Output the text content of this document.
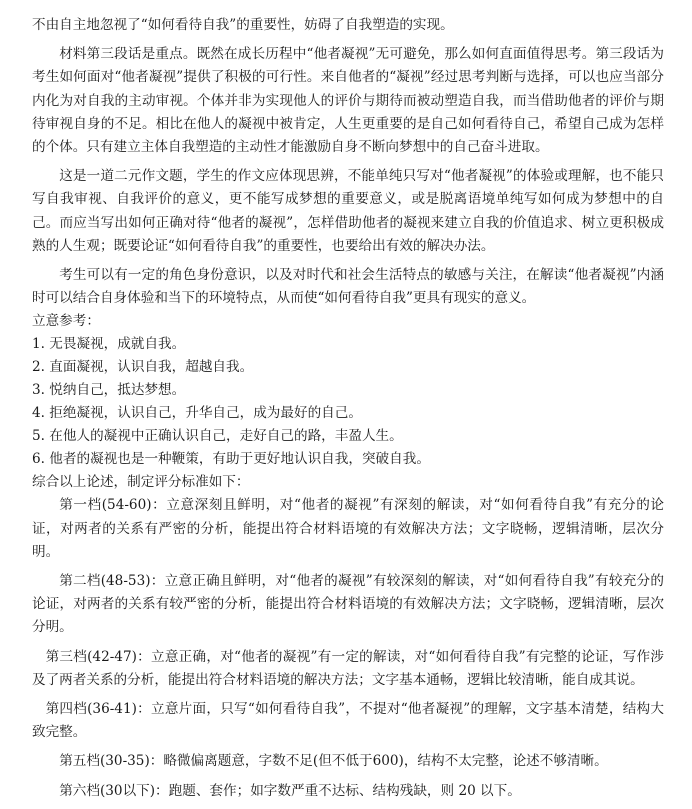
不由自主地忽视了“如何看待自我”的重要性，妨碍了自我塑造的实现。

材料第三段话是重点。既然在成长历程中“他者凝视”无可避免，那么如何直面值得思考。第三段话为考生如何面对“他者凝视”提供了积极的可行性。来自他者的“凝视”经过思考判断与选择，可以也应当部分内化为对自我的主动审视。个体并非为实现他人的评价与期待而被动塑造自我，而当借助他者的评价与期待审视自身的不足。相比在他人的凝视中被肯定，人生更重要的是自己如何看待自己，希望自己成为怎样的个体。只有建立主体自我塑造的主动性才能激励自身不断向梦想中的自己奋斗进取。

这是一道二元作文题，学生的作文应体现思辨，不能单纯只写对“他者凝视”的体验或理解，也不能只写自我审视、自我评价的意义，更不能写成梦想的重要意义，或是脱离语境单纯写如何成为梦想中的自己。而应当写出如何正确对待“他者的凝视”，怎样借助他者的凝视来建立自我的价值追求、树立更积极成熟的人生观；既要论证“如何看待自我”的重要性，也要给出有效的解决办法。

考生可以有一定的角色身份意识，以及对时代和社会生活特点的敏感与关注，在解读“他者凝视”内涵时可以结合自身体验和当下的环境特点，从而使“如何看待自我”更具有现实的意义。

立意参考：

1. 无畏凝视，成就自我。

2. 直面凝视，认识自我，超越自我。

3. 悦纳自己，抵达梦想。

4. 拒绝凝视，认识自己，升华自己，成为最好的自己。

5. 在他人的凝视中正确认识自己，走好自己的路，丰盈人生。

6. 他者的凝视也是一种鞭策，有助于更好地认识自我，突破自我。

综合以上论述，制定评分标准如下：

第一档(54-60)：立意深刻且鲜明，对“他者的凝视”有深刻的解读，对“如何看待自我”有充分的论证，对两者的关系有严密的分析，能提出符合材料语境的有效解决方法；文字晓畅，逻辑清晰，层次分明。

第二档(48-53)：立意正确且鲜明，对“他者的凝视”有较深刻的解读，对“如何看待自我”有较充分的论证，对两者的关系有较严密的分析，能提出符合材料语境的有效解决方法；文字晓畅，逻辑清晰，层次分明。

第三档(42-47)：立意正确，对“他者的凝视”有一定的解读，对“如何看待自我”有完整的论证，写作涉及了两者关系的分析，能提出符合材料语境的解决方法；文字基本通畅，逻辑比较清晰，能自成其说。

第四档(36-41)：立意片面，只写“如何看待自我”，不提对“他者凝视”的理解，文字基本清楚，结构大致完整。

第五档(30-35)：略微偏离题意，字数不足(但不低于600)，结构不太完整，论述不够清晰。

第六档(30以下)：跑题、套作；如字数严重不达标、结构残缺，则 20 以下。
